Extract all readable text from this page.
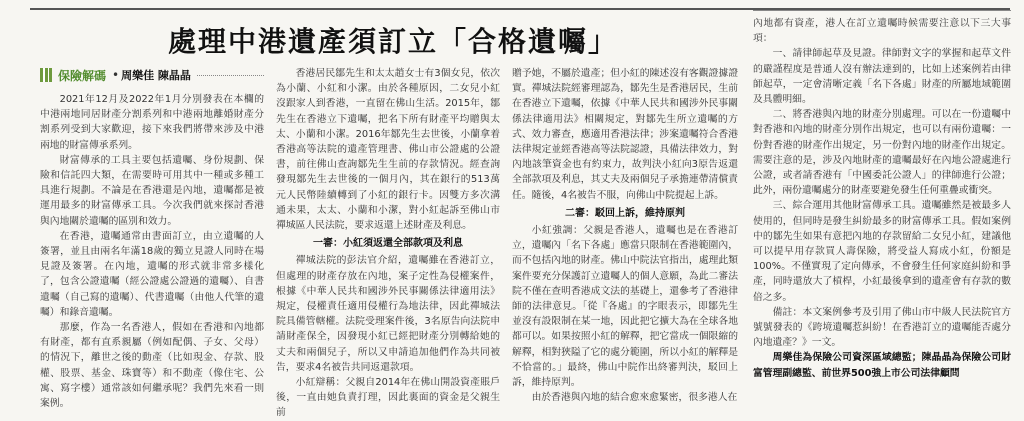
處理中港遺產須訂立「合格遺囑」
保險解碼 • 周樂佳 陳晶晶

2021年12月及2022年1月分別發表在本欄的中港兩地同居財產分割系列和中港兩地離婚財產分割系列受到大家歡迎，接下來我們將帶來涉及中港兩地的財富傳承系列。

財富傳承的工具主要包括遺囑、身份規劃、保險和信託四大類，在需要時可用其中一種或多種工具進行規劃。不論是在香港還是內地，遺囑都是被運用最多的財富傳承工具。今次我們就來探討香港與內地關於遺囑的區別和效力。

在香港，遺囑通常由書面訂立，由立遺囑的人簽署，並且由兩名年滿18歲的獨立見證人同時在場見證及簽署。在內地，遺囑的形式就非常多樣化了，包含公證遺囑（經公證處公證過的遺囑）、自書遺囑（自己寫的遺囑）、代書遺囑（由他人代筆的遺囑）和錄音遺囑。

那麼，作為一名香港人，假如在香港和內地都有財產，都有直系親屬（例如配偶、子女、父母）的情況下，離世之後的動產（比如現金、存款、股權、股票、基金、珠寶等）和不動產（像住宅、公寓、寫字樓）通常該如何繼承呢？我們先來看一則案例。

香港居民鄒先生和太太趙女士有3個女兒，依次為小蘭、小紅和小潔。由於各種原因，二女兒小紅沒跟家人到香港，一直留在佛山生活。2015年，鄒先生在香港立下遺囑，把名下所有財產平均贈與太太、小蘭和小潔。2016年鄒先生去世後，小蘭拿着香港高等法院的遺產管理書、佛山市公證處的公證書，前往佛山查詢鄒先生生前的存款情況。經查詢發現鄒先生去世後的一個月內，其在銀行的513萬元人民幣陸續轉到了小紅的銀行卡。因雙方多次溝通未果，太太、小蘭和小潔，對小紅起訴至佛山市禪城區人民法院，要求返還上述財產及利息。

一審：小紅須返還全部款項及利息

禪城法院的彭法官介紹，遺囑雖在香港訂立，但處理的財產存放在內地，案子定性為侵權案件，根據《中華人民共和國涉外民事關係法律適用法》規定，侵權責任適用侵權行為地法律，因此禪城法院具備管轄權。法院受理案件後，3名原告向法院申請財產保全，因發現小紅已經把財產分別轉給她的丈夫和兩個兒子，所以又申請追加他們作為共同被告，要求4名被告共同返還款項。

小紅辯稱：父親自2014年在佛山開設資產賬戶後，一直由她負責打理，因此裏面的資金是父親生前

贈予她，不屬於遺產；但小紅的陳述沒有客觀證據證實。禪城法院經審理認為，鄒先生是香港居民，生前在香港立下遺囑，依據《中華人民共和國涉外民事關係法律適用法》相關規定，對鄒先生所立遺囑的方式、效力審查，應適用香港法律；涉案遺囑符合香港法律規定並經香港高等法院認證，具備法律效力，對內地該筆資金也有約束力，故判決小紅向3原告返還全部款項及利息，其丈夫及兩個兒子承擔連帶清償責任。隨後，4名被告不服，向佛山中院提起上訴。

二審：駁回上訴，維持原判

小紅強調：父親是香港人，遺囑也是在香港訂立，遺囑內「名下各處」應當只限制在香港範圍內，而不包括內地的財產。佛山中院法官指出，處理此類案件要充分保護訂立遺囑人的個人意願，為此二審法院不僅在查明香港成文法的基礎上，還參考了香港律師的法律意見。「從『各處』的字眼表示，即鄒先生並沒有設限制在某一地，因此把它擴大為在全球各地都可以。如果按照小紅的解釋，把它當成一個限縮的解釋，相對狹隘了它的處分範圍，所以小紅的解釋是不恰當的。」最終，佛山中院作出終審判決，駁回上訴，維持原判。

由於香港與內地的結合愈來愈緊密，很多港人在

內地都有資產，港人在訂立遺囑時候需要注意以下三大事項：

一、請律師起草及見證。律師對文字的掌握和起草文件的嚴謹程度是普通人沒有辦法達到的，比如上述案例若由律師起草，一定會清晰定義「名下各處」財產的所屬地域範圍及具體明細。

二、將香港與內地的財產分別處理。可以在一份遺囑中對香港和內地的財產分別作出規定，也可以有兩份遺囑：一份對香港的財產作出規定，另一份對內地的財產作出規定。需要注意的是，涉及內地財產的遺囑最好在內地公證處進行公證，或者請香港有「中國委託公證人」的律師進行公證；此外，兩份遺囑處分的財產要避免發生任何重疊或衝突。

三、綜合運用其他財富傳承工具。遺囑雖然是被最多人使用的，但同時是發生糾紛最多的財富傳承工具。假如案例中的鄒先生如果有意把內地的存款留給二女兒小紅，建議他可以提早用存款買人壽保險，將受益人寫成小紅，份額是100%。不僅實現了定向傳承，不會發生任何家庭糾紛和爭產，同時還放大了槓桿，小紅最後拿到的遺產會有存款的數倍之多。

備註：本文案例參考及引用了佛山市中級人民法院官方號號發表的《跨境遺囑惹糾紛！在香港訂立的遺囑能否處分內地遺產？》一文。

周樂佳為保險公司資深區域總監；陳晶晶為保險公司財富管理副總監、前世界500強上市公司法律顧問
